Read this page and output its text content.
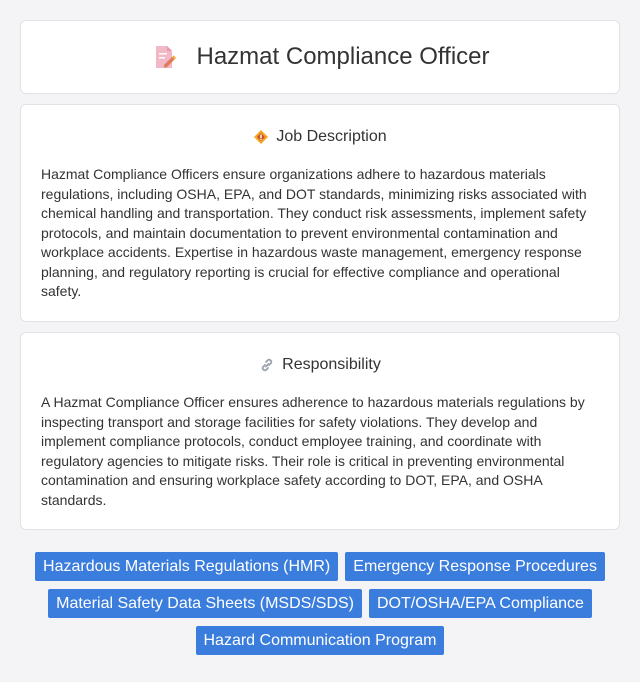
Hazmat Compliance Officer
Job Description

Hazmat Compliance Officers ensure organizations adhere to hazardous materials regulations, including OSHA, EPA, and DOT standards, minimizing risks associated with chemical handling and transportation. They conduct risk assessments, implement safety protocols, and maintain documentation to prevent environmental contamination and workplace accidents. Expertise in hazardous waste management, emergency response planning, and regulatory reporting is crucial for effective compliance and operational safety.

Responsibility

A Hazmat Compliance Officer ensures adherence to hazardous materials regulations by inspecting transport and storage facilities for safety violations. They develop and implement compliance protocols, conduct employee training, and coordinate with regulatory agencies to mitigate risks. Their role is critical in preventing environmental contamination and ensuring workplace safety according to DOT, EPA, and OSHA standards.

Hazardous Materials Regulations (HMR)	Emergency Response Procedures
Material Safety Data Sheets (MSDS/SDS)	DOT/OSHA/EPA Compliance
Hazard Communication Program
